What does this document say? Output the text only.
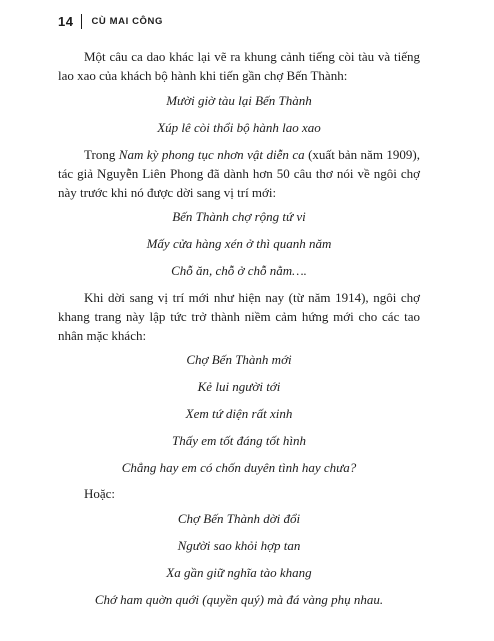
14 CÙ MAI CÔNG

Một câu ca dao khác lại vẽ ra khung cảnh tiếng còi tàu và tiếng lao xao của khách bộ hành khi tiến gần chợ Bến Thành:

Mười giờ tàu lại Bến Thành

Xúp lê còi thổi bộ hành lao xao

Trong Nam kỳ phong tục nhơn vật diễn ca (xuất bản năm 1909), tác giả Nguyễn Liên Phong đã dành hơn 50 câu thơ nói về ngôi chợ này trước khi nó được dời sang vị trí mới:

Bến Thành chợ rộng tứ vi

Mấy cửa hàng xén ở thì quanh năm

Chỗ ăn, chỗ ở chỗ nằm….

Khi dời sang vị trí mới như hiện nay (từ năm 1914), ngôi chợ khang trang này lập tức trở thành niềm cảm hứng mới cho các tao nhân mặc khách:

Chợ Bến Thành mới

Kẻ lui người tới

Xem tứ diện rất xinh

Thấy em tốt đáng tốt hình

Chẳng hay em có chốn duyên tình hay chưa?

Hoặc:

Chợ Bến Thành dời đổi

Người sao khỏi hợp tan

Xa gần giữ nghĩa tào khang

Chớ ham quờn quới (quyền quý) mà đá vàng phụ nhau.
